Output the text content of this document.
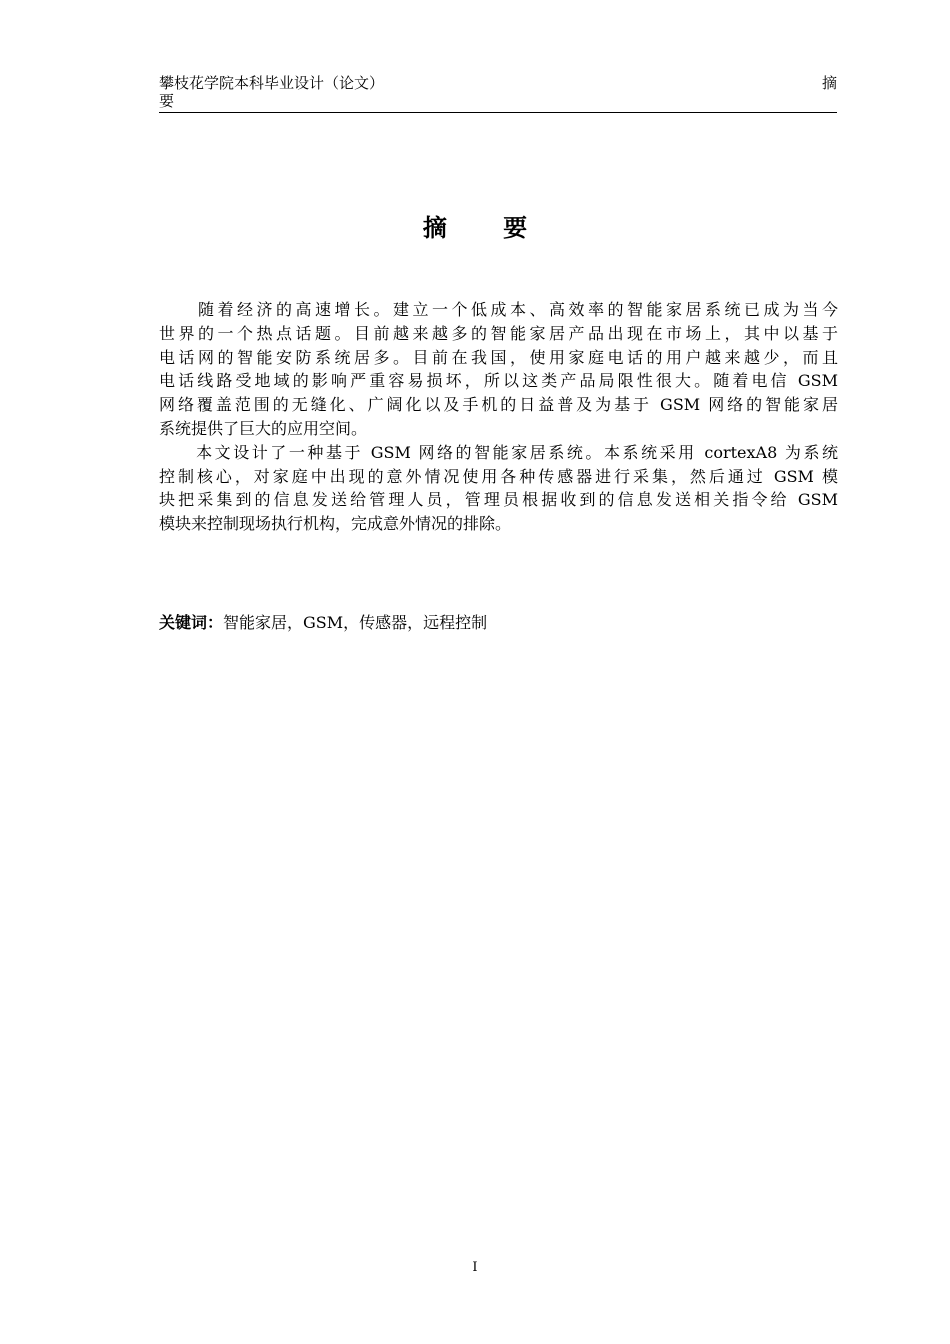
攀枝花学院本科毕业设计（论文）	摘
要
摘 要
　　随着经济的高速增长。建立一个低成本、高效率的智能家居系统已成为当今
世界的一个热点话题。目前越来越多的智能家居产品出现在市场上，其中以基于
电话网的智能安防系统居多。目前在我国，使用家庭电话的用户越来越少，而且
电话线路受地域的影响严重容易损坏，所以这类产品局限性很大。随着电信 GSM
网络覆盖范围的无缝化、广阔化以及手机的日益普及为基于 GSM 网络的智能家居
系统提供了巨大的应用空间。
　　本文设计了一种基于 GSM 网络的智能家居系统。本系统采用 cortexA8 为系统
控制核心，对家庭中出现的意外情况使用各种传感器进行采集，然后通过 GSM 模
块把采集到的信息发送给管理人员，管理员根据收到的信息发送相关指令给 GSM
模块来控制现场执行机构，完成意外情况的排除。
关键词：智能家居，GSM，传感器，远程控制
I
